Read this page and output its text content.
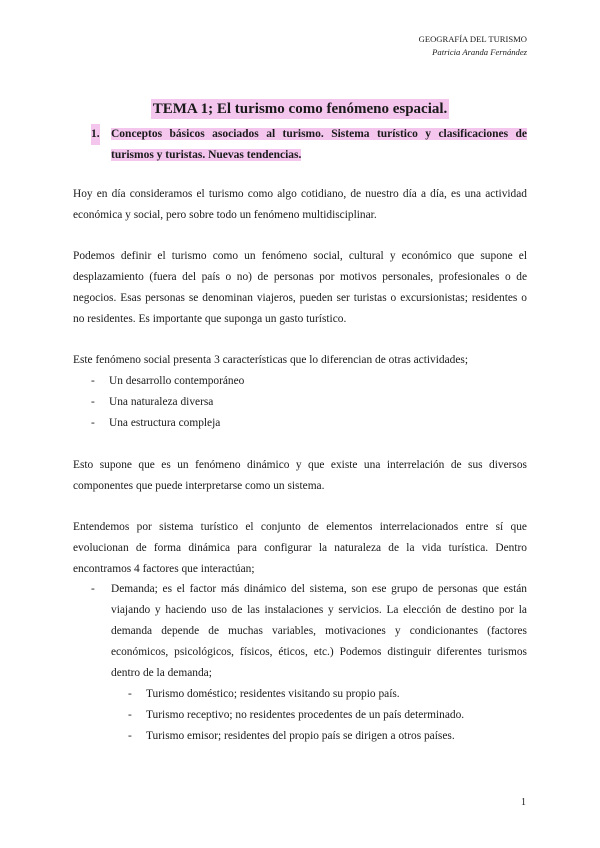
GEOGRAFÍA DEL TURISMO
Patricia Aranda Fernández
TEMA 1; El turismo como fenómeno espacial.
1. Conceptos básicos asociados al turismo. Sistema turístico y clasificaciones de turismos y turistas. Nuevas tendencias.
Hoy en día consideramos el turismo como algo cotidiano, de nuestro día a día, es una actividad económica y social, pero sobre todo un fenómeno multidisciplinar.
Podemos definir el turismo como un fenómeno social, cultural y económico que supone el desplazamiento (fuera del país o no) de personas por motivos personales, profesionales o de negocios. Esas personas se denominan viajeros, pueden ser turistas o excursionistas; residentes o no residentes. Es importante que suponga un gasto turístico.
Este fenómeno social presenta 3 características que lo diferencian de otras actividades;
- Un desarrollo contemporáneo
- Una naturaleza diversa
- Una estructura compleja
Esto supone que es un fenómeno dinámico y que existe una interrelación de sus diversos componentes que puede interpretarse como un sistema.
Entendemos por sistema turístico el conjunto de elementos interrelacionados entre sí que evolucionan de forma dinámica para configurar la naturaleza de la vida turística. Dentro encontramos 4 factores que interactúan;
-	Demanda; es el factor más dinámico del sistema, son ese grupo de personas que están viajando y haciendo uso de las instalaciones y servicios. La elección de destino por la demanda depende de muchas variables, motivaciones y condicionantes (factores económicos, psicológicos, físicos, éticos, etc.) Podemos distinguir diferentes turismos dentro de la demanda;
- Turismo doméstico; residentes visitando su propio país.
- Turismo receptivo; no residentes procedentes de un país determinado.
- Turismo emisor; residentes del propio país se dirigen a otros países.
1
